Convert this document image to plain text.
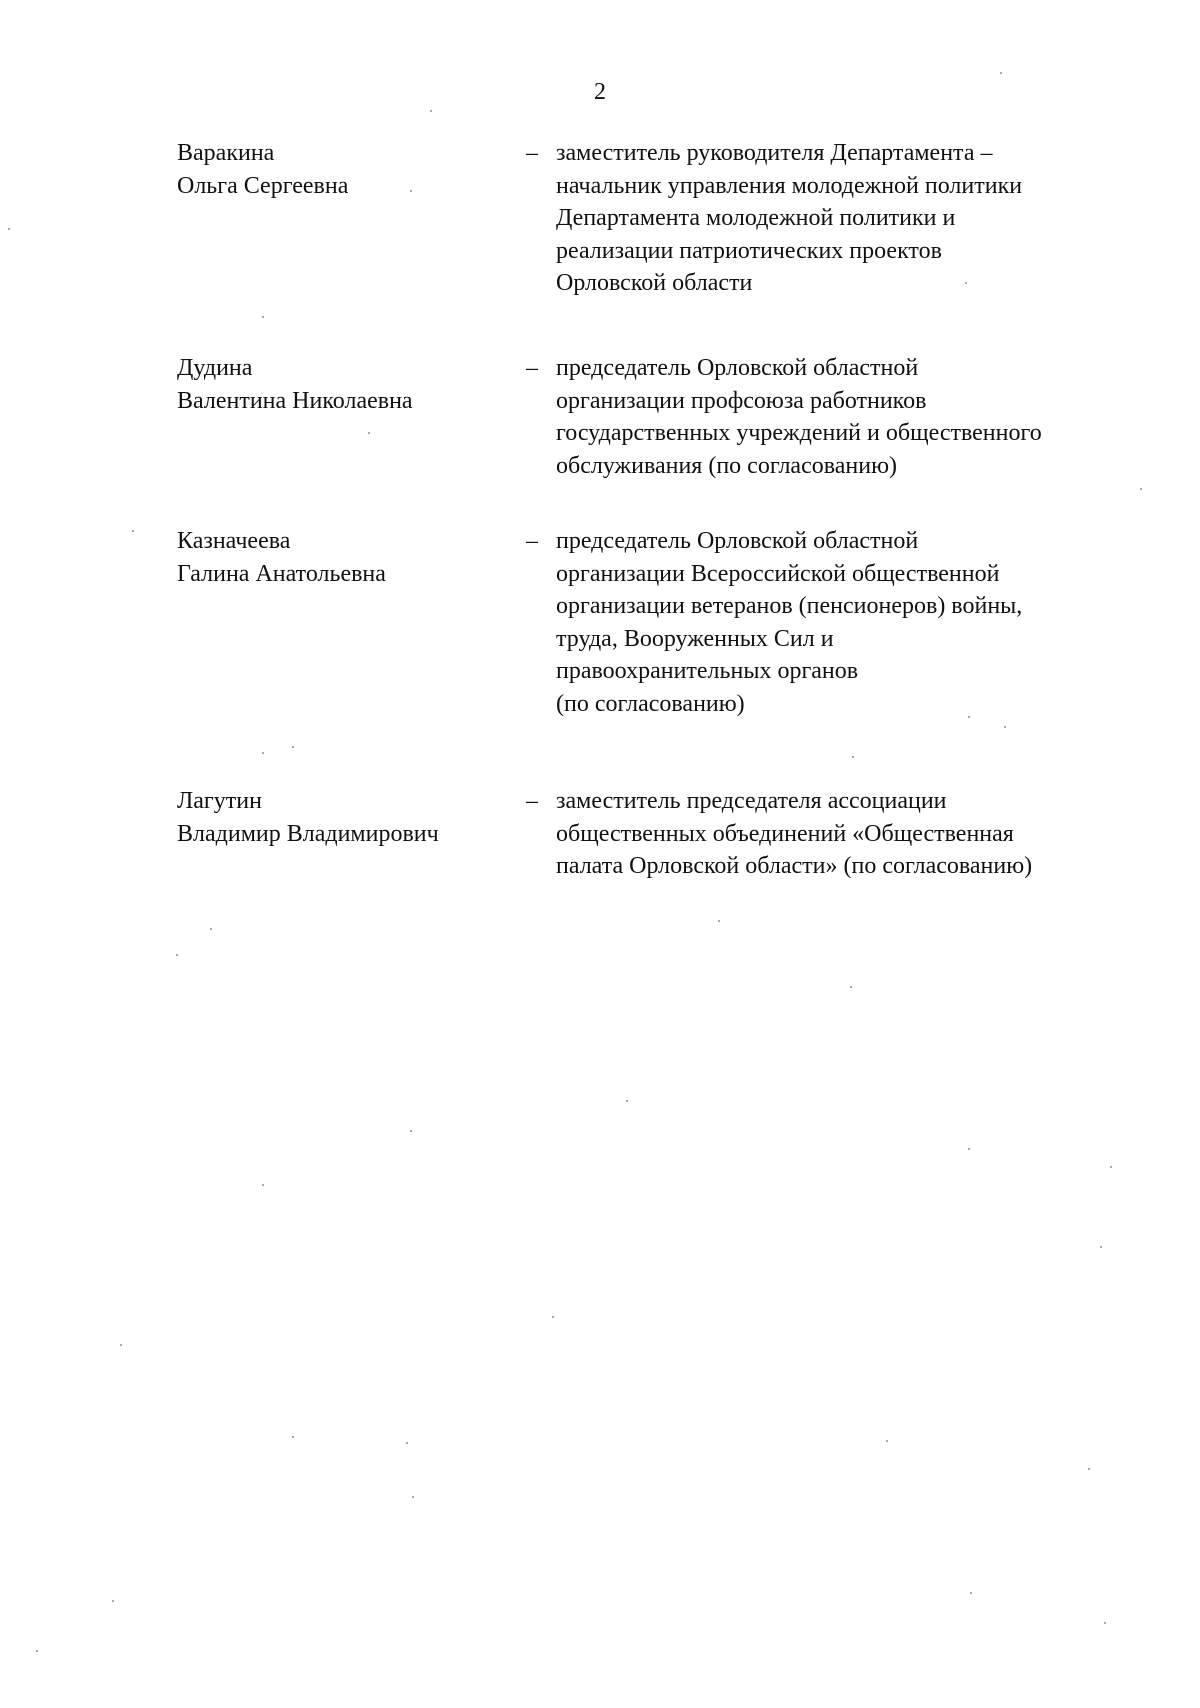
2
Варакина
Ольга Сергеевна
– заместитель руководителя Департамента –
начальник управления молодежной политики
Департамента молодежной политики и
реализации патриотических проектов
Орловской области
Дудина
Валентина Николаевна
– председатель Орловской областной
организации профсоюза работников
государственных учреждений и общественного
обслуживания (по согласованию)
Казначеева
Галина Анатольевна
– председатель Орловской областной
организации Всероссийской общественной
организации ветеранов (пенсионеров) войны,
труда, Вооруженных Сил и
правоохранительных органов
(по согласованию)
Лагутин
Владимир Владимирович
– заместитель председателя ассоциации
общественных объединений «Общественная
палата Орловской области» (по согласованию)
